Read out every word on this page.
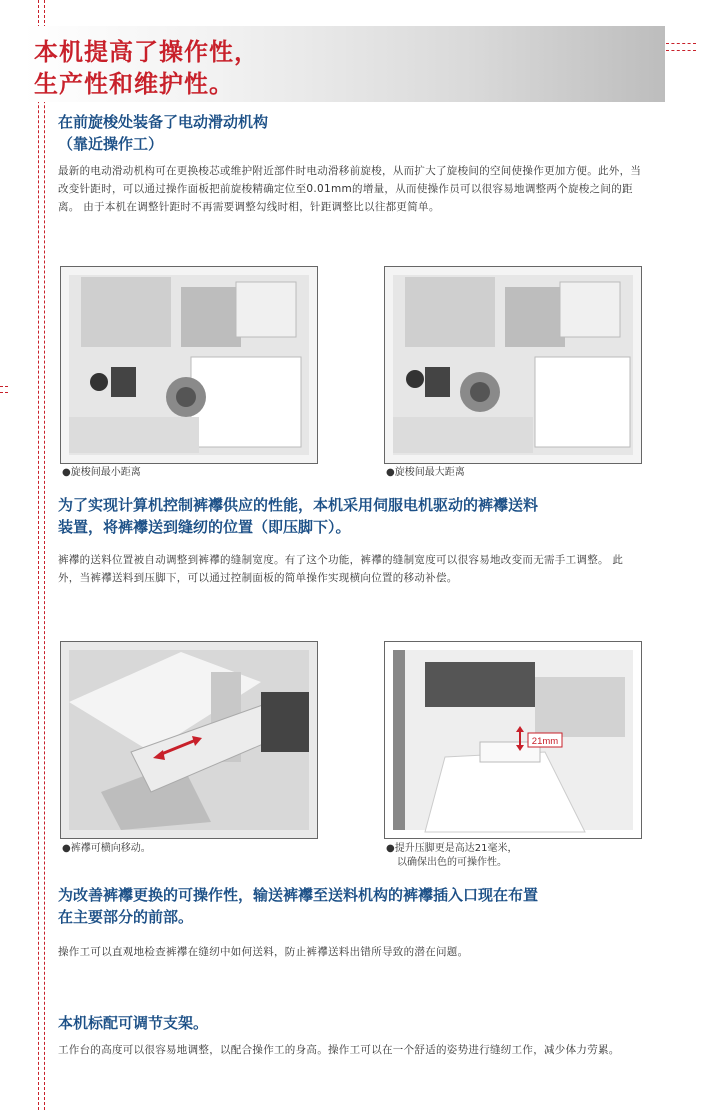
本机提高了操作性，
生产性和维护性。
在前旋梭处装备了电动滑动机构
（靠近操作工）
最新的电动滑动机构可在更换梭芯或维护附近部件时电动滑移前旋梭，从而扩大了旋梭间的空间使操作更加方便。此外，当改变针距时，可以通过操作面板把前旋梭精确定位至0.01mm的增量，从而使操作员可以很容易地调整两个旋梭之间的距离。 由于本机在调整针距时不再需要调整勾线时相，针距调整比以往都更简单。
●旋梭间最小距离	●旋梭间最大距离
为了实现计算机控制裤襻供应的性能，本机采用伺服电机驱动的裤襻送料
装置，将裤襻送到缝纫的位置（即压脚下）。
裤襻的送料位置被自动调整到裤襻的缝制宽度。有了这个功能，裤襻的缝制宽度可以很容易地改变而无需手工调整。 此外，当裤襻送料到压脚下，可以通过控制面板的简单操作实现横向位置的移动补偿。
21mm
●裤襻可横向移动。	●提升压脚更是高达21毫米，
以确保出色的可操作性。
为改善裤襻更换的可操作性，输送裤襻至送料机构的裤襻插入口现在布置
在主要部分的前部。
操作工可以直观地检查裤襻在缝纫中如何送料，防止裤襻送料出错所导致的潜在问题。
本机标配可调节支架。
工作台的高度可以很容易地调整，以配合操作工的身高。操作工可以在一个舒适的姿势进行缝纫工作，减少体力劳累。
